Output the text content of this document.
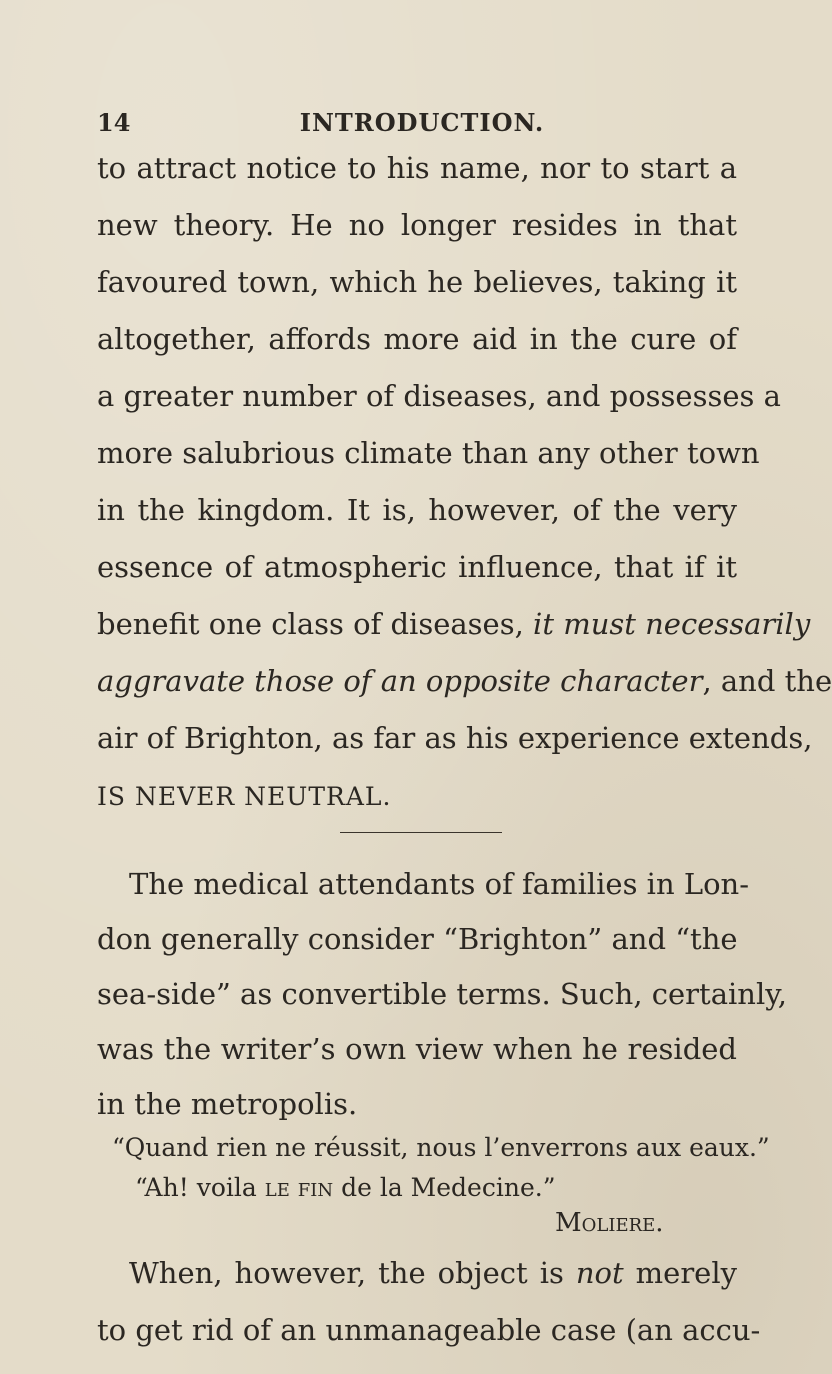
14	INTRODUCTION.
to attract notice to his name, nor to start a
new theory. He no longer resides in that
favoured town, which he believes, taking it
altogether, affords more aid in the cure of
a greater number of diseases, and possesses a
more salubrious climate than any other town
in the kingdom. It is, however, of the very
essence of atmospheric influence, that if it
benefit one class of diseases, it must necessarily
aggravate those of an opposite character, and the
air of Brighton, as far as his experience extends,
IS NEVER NEUTRAL.
The medical attendants of families in Lon-
don generally consider “Brighton” and “the
sea-side” as convertible terms. Such, certainly,
was the writer’s own view when he resided
in the metropolis.
“Quand rien ne réussit, nous l’enverrons aux eaux.”
“Ah! voila le fin de la Medecine.”
Moliere.
When, however, the object is not merely
to get rid of an unmanageable case (an accu-
